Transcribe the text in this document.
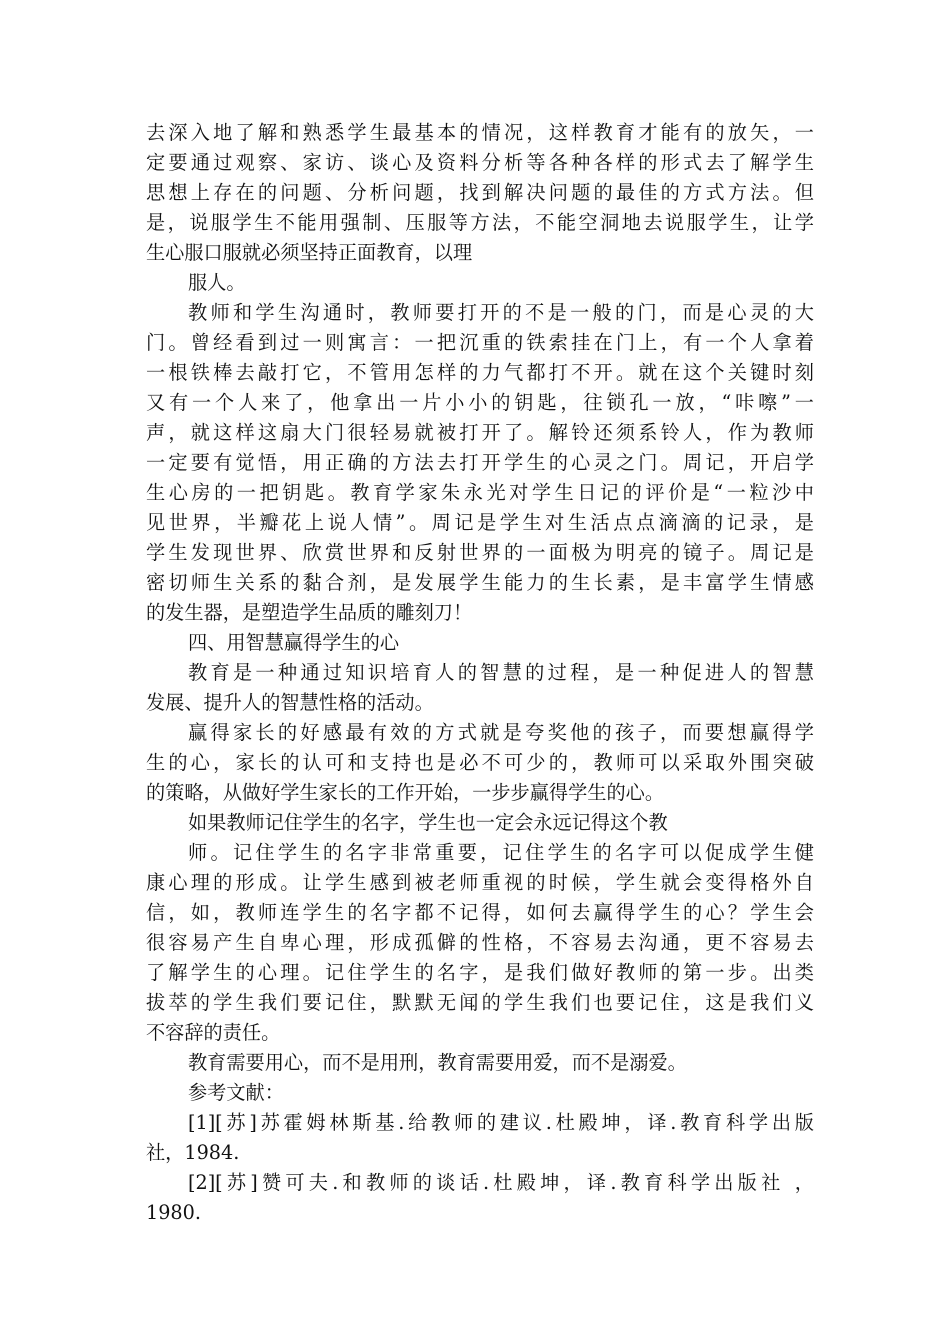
去深入地了解和熟悉学生最基本的情况，这样教育才能有的放矢，一
定要通过观察、家访、谈心及资料分析等各种各样的形式去了解学生
思想上存在的问题、分析问题，找到解决问题的最佳的方式方法。但
是，说服学生不能用强制、压服等方法，不能空洞地去说服学生，让学
生心服口服就必须坚持正面教育，以理
服人。
教师和学生沟通时，教师要打开的不是一般的门，而是心灵的大
门。曾经看到过一则寓言：一把沉重的铁索挂在门上，有一个人拿着
一根铁棒去敲打它，不管用怎样的力气都打不开。就在这个关键时刻
又有一个人来了，他拿出一片小小的钥匙，往锁孔一放，“咔嚓”一
声，就这样这扇大门很轻易就被打开了。解铃还须系铃人，作为教师
一定要有觉悟，用正确的方法去打开学生的心灵之门。周记，开启学
生心房的一把钥匙。教育学家朱永光对学生日记的评价是“一粒沙中
见世界，半瓣花上说人情”。周记是学生对生活点点滴滴的记录，是
学生发现世界、欣赏世界和反射世界的一面极为明亮的镜子。周记是
密切师生关系的黏合剂，是发展学生能力的生长素，是丰富学生情感
的发生器，是塑造学生品质的雕刻刀！
四、用智慧赢得学生的心
教育是一种通过知识培育人的智慧的过程，是一种促进人的智慧
发展、提升人的智慧性格的活动。
赢得家长的好感最有效的方式就是夸奖他的孩子，而要想赢得学
生的心，家长的认可和支持也是必不可少的，教师可以采取外围突破
的策略，从做好学生家长的工作开始，一步步赢得学生的心。
如果教师记住学生的名字，学生也一定会永远记得这个教
师。记住学生的名字非常重要，记住学生的名字可以促成学生健
康心理的形成。让学生感到被老师重视的时候，学生就会变得格外自
信，如，教师连学生的名字都不记得，如何去赢得学生的心？学生会
很容易产生自卑心理，形成孤僻的性格，不容易去沟通，更不容易去
了解学生的心理。记住学生的名字，是我们做好教师的第一步。出类
拔萃的学生我们要记住，默默无闻的学生我们也要记住，这是我们义
不容辞的责任。
教育需要用心，而不是用刑，教育需要用爱，而不是溺爱。
参考文献：
[1][苏]苏霍姆林斯基.给教师的建议.杜殿坤，译.教育科学出版
社，1984.
[2][苏]赞可夫.和教师的谈话.杜殿坤，译.教育科学出版社 ，
1980.
